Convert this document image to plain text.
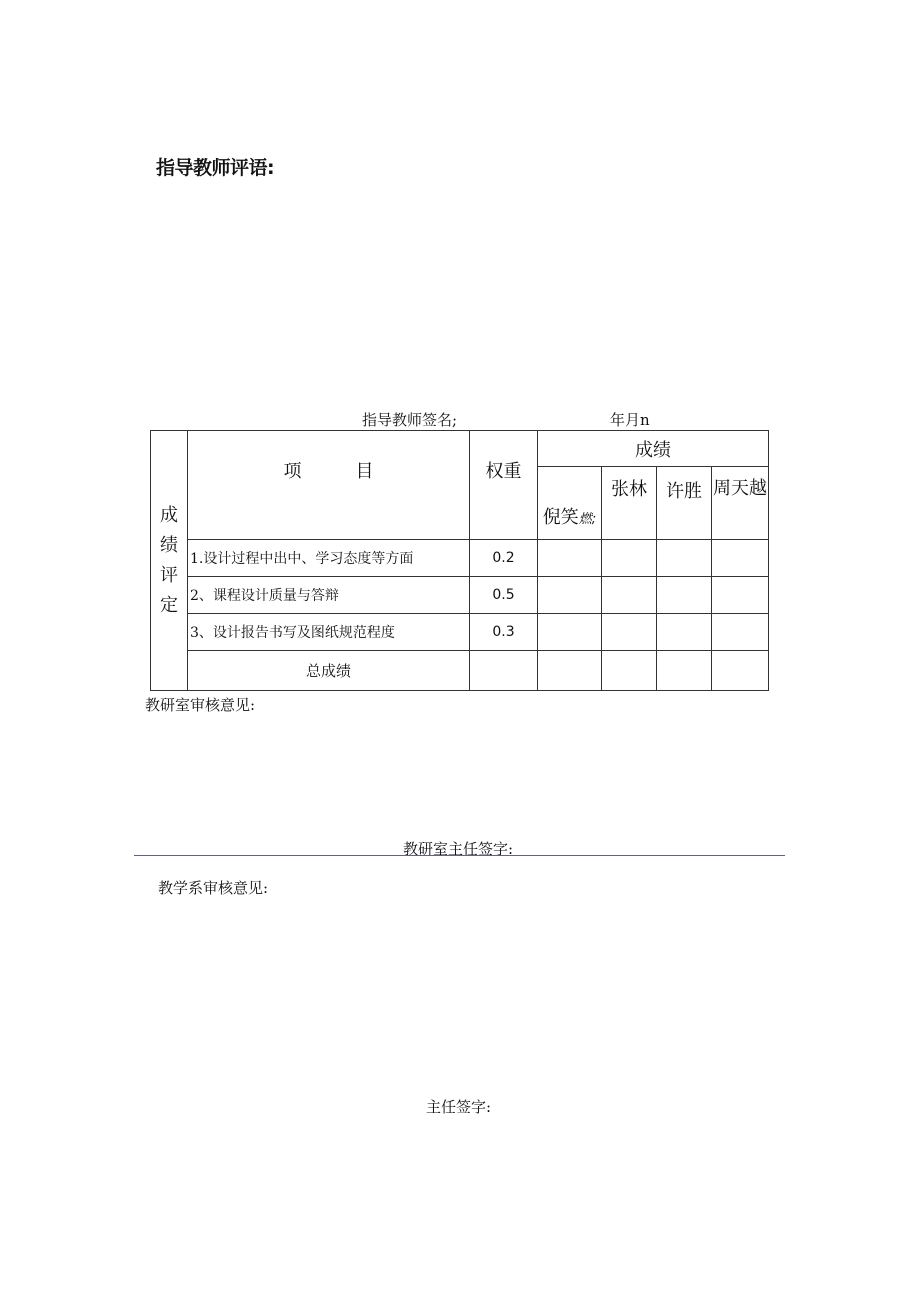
指导教师评语:
指导教师签名;	年月n
成
绩
评
定	项　　　目	权重	成绩			
			倪笑燃;	张林	许胜	周天越
	1.设计过程中出中、学习态度等方面	0.2				
	2、课程设计质量与答辩	0.5				
	3、设计报告书写及图纸规范程度	0.3				
	总成绩					
教研室审核意见:
教研室主任签字:
教学系审核意见:
主任签字:
